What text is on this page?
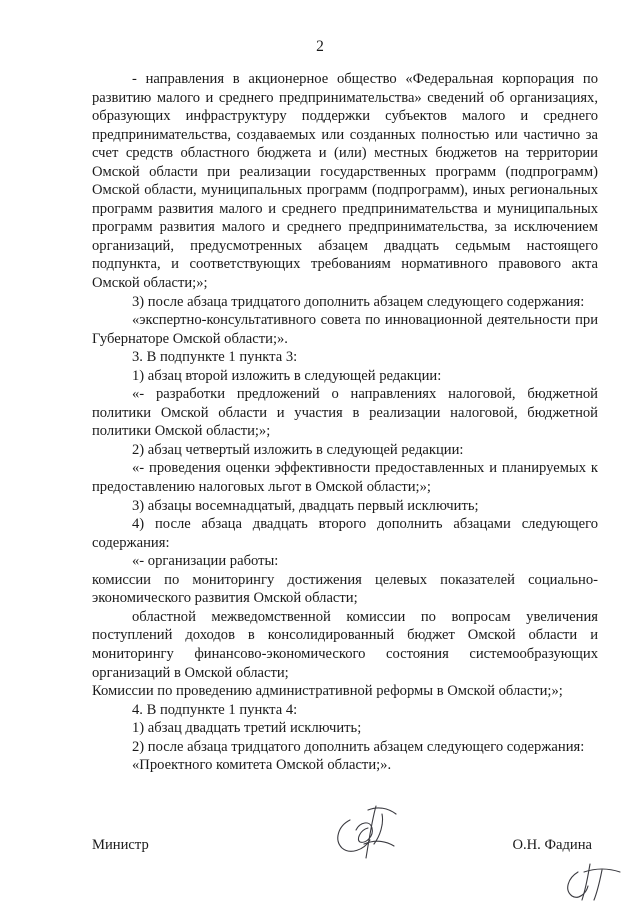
2

- направления в акционерное общество «Федеральная корпорация по развитию малого и среднего предпринимательства» сведений об организациях, образующих инфраструктуру поддержки субъектов малого и среднего предпринимательства, создаваемых или созданных полностью или частично за счет средств областного бюджета и (или) местных бюджетов на территории Омской области при реализации государственных программ (подпрограмм) Омской области, муниципальных программ (подпрограмм), иных региональных программ развития малого и среднего предпринимательства и муниципальных программ развития малого и среднего предпринимательства, за исключением организаций, предусмотренных абзацем двадцать седьмым настоящего подпункта, и соответствующих требованиям нормативного правового акта Омской области;»;

3) после абзаца тридцатого дополнить абзацем следующего содержания:

«экспертно-консультативного совета по инновационной деятельности при Губернаторе Омской области;».

3. В подпункте 1 пункта 3:

1) абзац второй изложить в следующей редакции:

«- разработки предложений о направлениях налоговой, бюджетной политики Омской области и участия в реализации налоговой, бюджетной политики Омской области;»;

2) абзац четвертый изложить в следующей редакции:

«- проведения оценки эффективности предоставленных и планируемых к предоставлению налоговых льгот в Омской области;»;

3) абзацы восемнадцатый, двадцать первый исключить;

4) после абзаца двадцать второго дополнить абзацами следующего содержания:

«- организации работы:

комиссии по мониторингу достижения целевых показателей социально-экономического развития Омской области;

областной межведомственной комиссии по вопросам увеличения поступлений доходов в консолидированный бюджет Омской области и мониторингу финансово-экономического состояния системообразующих организаций в Омской области;

Комиссии по проведению административной реформы в Омской области;»;

4. В подпункте 1 пункта 4:

1) абзац двадцать третий исключить;

2) после абзаца тридцатого дополнить абзацем следующего содержания:

«Проектного комитета Омской области;».

Министр	О.Н. Фадина
